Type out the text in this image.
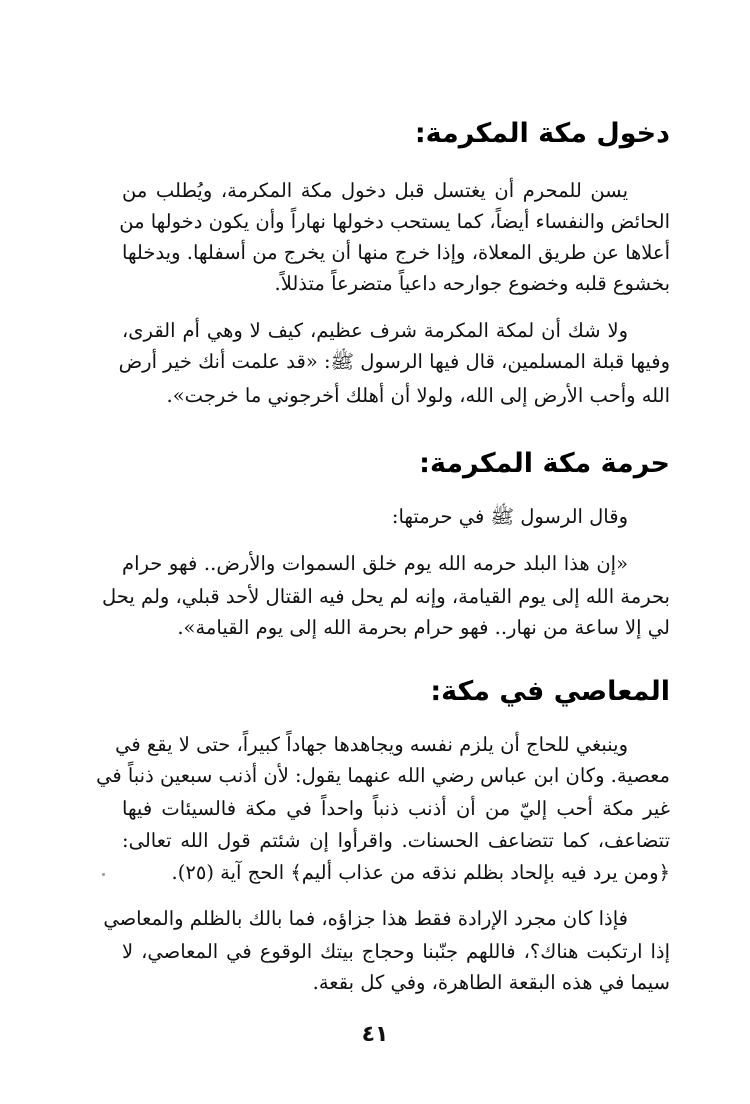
دخول مكة المكرمة:
يسن للمحرم أن يغتسل قبل دخول مكة المكرمة، ويُطلب من
الحائض والنفساء أيضاً، كما يستحب دخولها نهاراً وأن يكون دخولها من
أعلاها عن طريق المعلاة، وإذا خرج منها أن يخرج من أسفلها. ويدخلها
بخشوع قلبه وخضوع جوارحه داعياً متضرعاً متذللاً.
ولا شك أن لمكة المكرمة شرف عظيم، كيف لا وهي أم القرى،
وفيها قبلة المسلمين، قال فيها الرسول ﷺ: «قد علمت أنك خير أرض
الله وأحب الأرض إلى الله، ولولا أن أهلك أخرجوني ما خرجت».
حرمة مكة المكرمة:
وقال الرسول ﷺ في حرمتها:
«إن هذا البلد حرمه الله يوم خلق السموات والأرض.. فهو حرام
بحرمة الله إلى يوم القيامة، وإنه لم يحل فيه القتال لأحد قبلي، ولم يحل
لي إلا ساعة من نهار.. فهو حرام بحرمة الله إلى يوم القيامة».
المعاصي في مكة:
وينبغي للحاج أن يلزم نفسه ويجاهدها جهاداً كبيراً، حتى لا يقع في
معصية. وكان ابن عباس رضي الله عنهما يقول: لأن أذنب سبعين ذنباً في
غير مكة أحب إليّ من أن أذنب ذنباً واحداً في مكة فالسيئات فيها
تتضاعف، كما تتضاعف الحسنات. واقرأوا إن شئتم قول الله تعالى:
﴿ومن يرد فيه بإلحاد بظلم نذقه من عذاب أليم﴾ الحج آية (٢٥).
فإذا كان مجرد الإرادة فقط هذا جزاؤه، فما بالك بالظلم والمعاصي
إذا ارتكبت هناك؟، فاللهم جنّبنا وحجاج بيتك الوقوع في المعاصي، لا
سيما في هذه البقعة الطاهرة، وفي كل بقعة.
٤١
